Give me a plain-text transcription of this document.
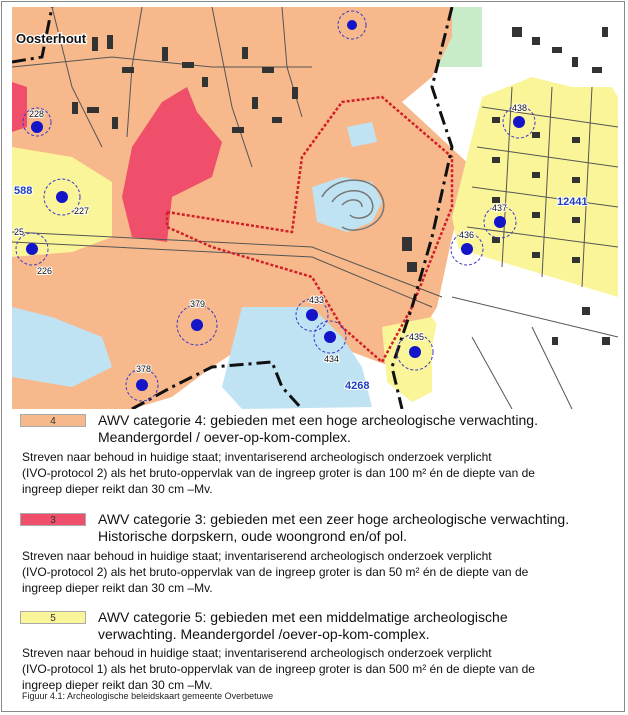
Oosterhout
228
588
227
25
226
379
378
433
434
435
4268
438
437
436
12441
4	AWV categorie 4: gebieden met een hoge archeologische verwachting.
Meandergordel / oever-op-kom-complex.
Streven naar behoud in huidige staat; inventariserend archeologisch onderzoek verplicht
(IVO-protocol 2) als het bruto-oppervlak van de ingreep groter is dan 100 m² én de diepte van de
ingreep dieper reikt dan 30 cm –Mv.
3	AWV categorie 3: gebieden met een zeer hoge archeologische verwachting.
Historische dorpskern, oude woongrond en/of pol.
Streven naar behoud in huidige staat; inventariserend archeologisch onderzoek verplicht
(IVO-protocol 2) als het bruto-oppervlak van de ingreep groter is dan 50 m² én de diepte van de
ingreep dieper reikt dan 30 cm –Mv.
5	AWV categorie 5: gebieden met een middelmatige archeologische
verwachting. Meandergordel /oever-op-kom-complex.
Streven naar behoud in huidige staat; inventariserend archeologisch onderzoek verplicht
(IVO-protocol 1) als het bruto-oppervlak van de ingreep groter is dan 500 m² én de diepte van de
ingreep dieper reikt dan 30 cm –Mv.
Figuur 4.1: Archeologische beleidskaart gemeente Overbetuwe
